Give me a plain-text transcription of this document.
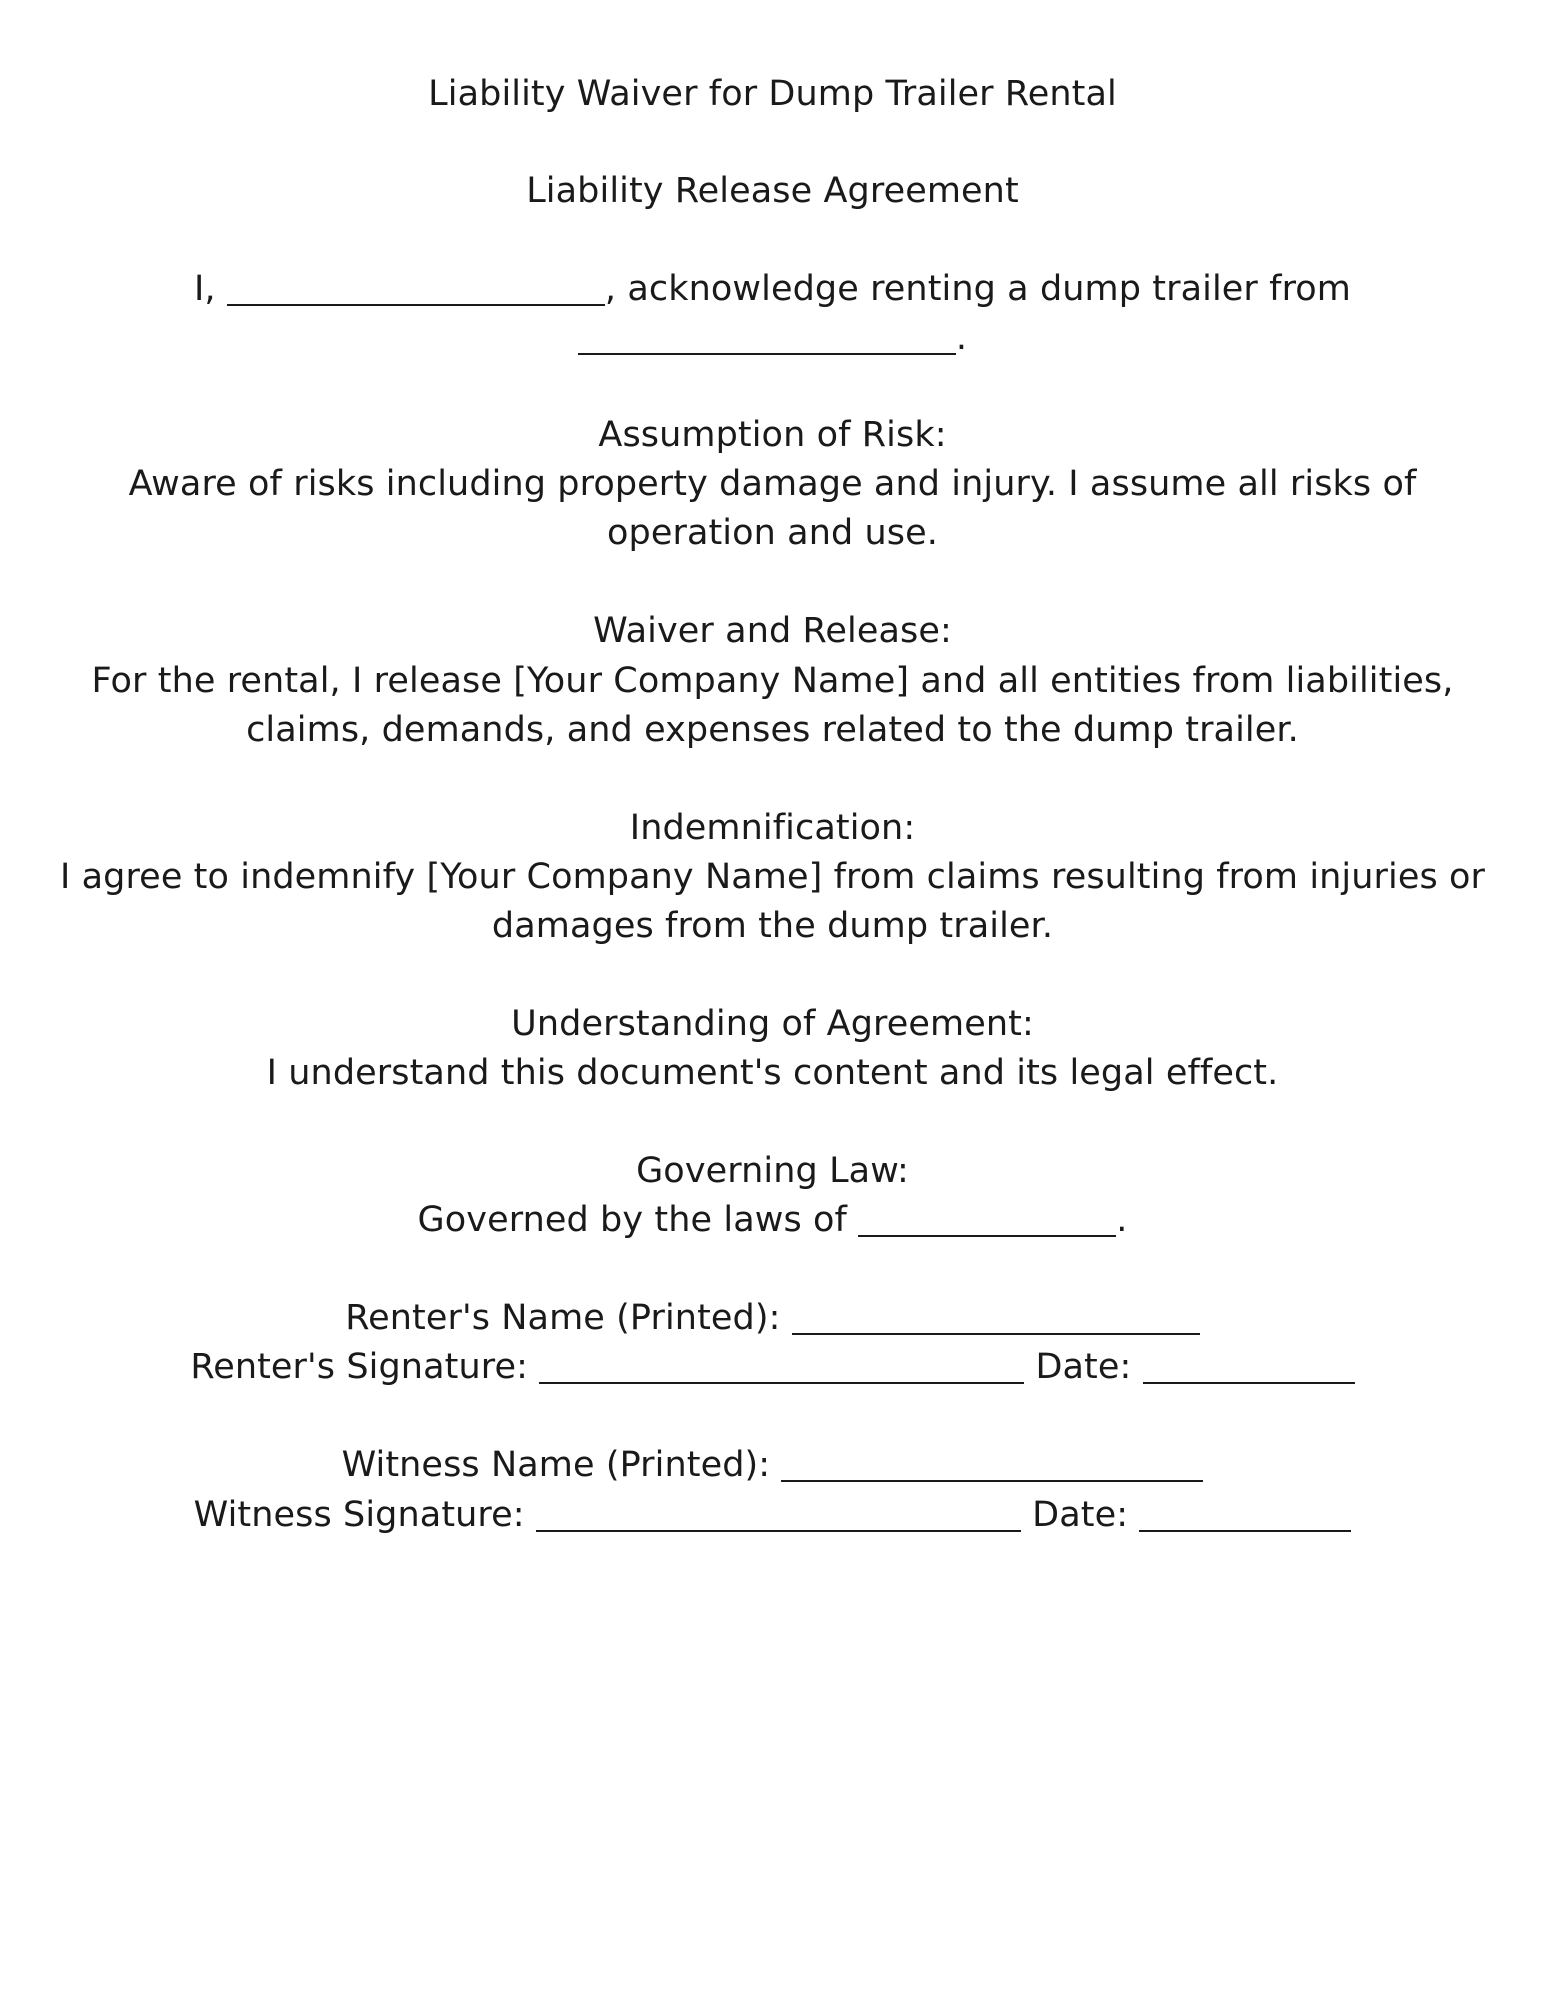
Liability Waiver for Dump Trailer Rental
Liability Release Agreement
I,	, acknowledge renting a dump trailer from
.
Assumption of Risk:
Aware of risks including property damage and injury. I assume all risks of
operation and use.
Waiver and Release:
For the rental, I release [Your Company Name] and all entities from liabilities,
claims, demands, and expenses related to the dump trailer.
Indemnification:
I agree to indemnify [Your Company Name] from claims resulting from injuries or
damages from the dump trailer.
Understanding of Agreement:
I understand this document's content and its legal effect.
Governing Law:
Governed by the laws of	.
Renter's Name (Printed):
Renter's Signature:	Date:
Witness Name (Printed):
Witness Signature:	Date:
